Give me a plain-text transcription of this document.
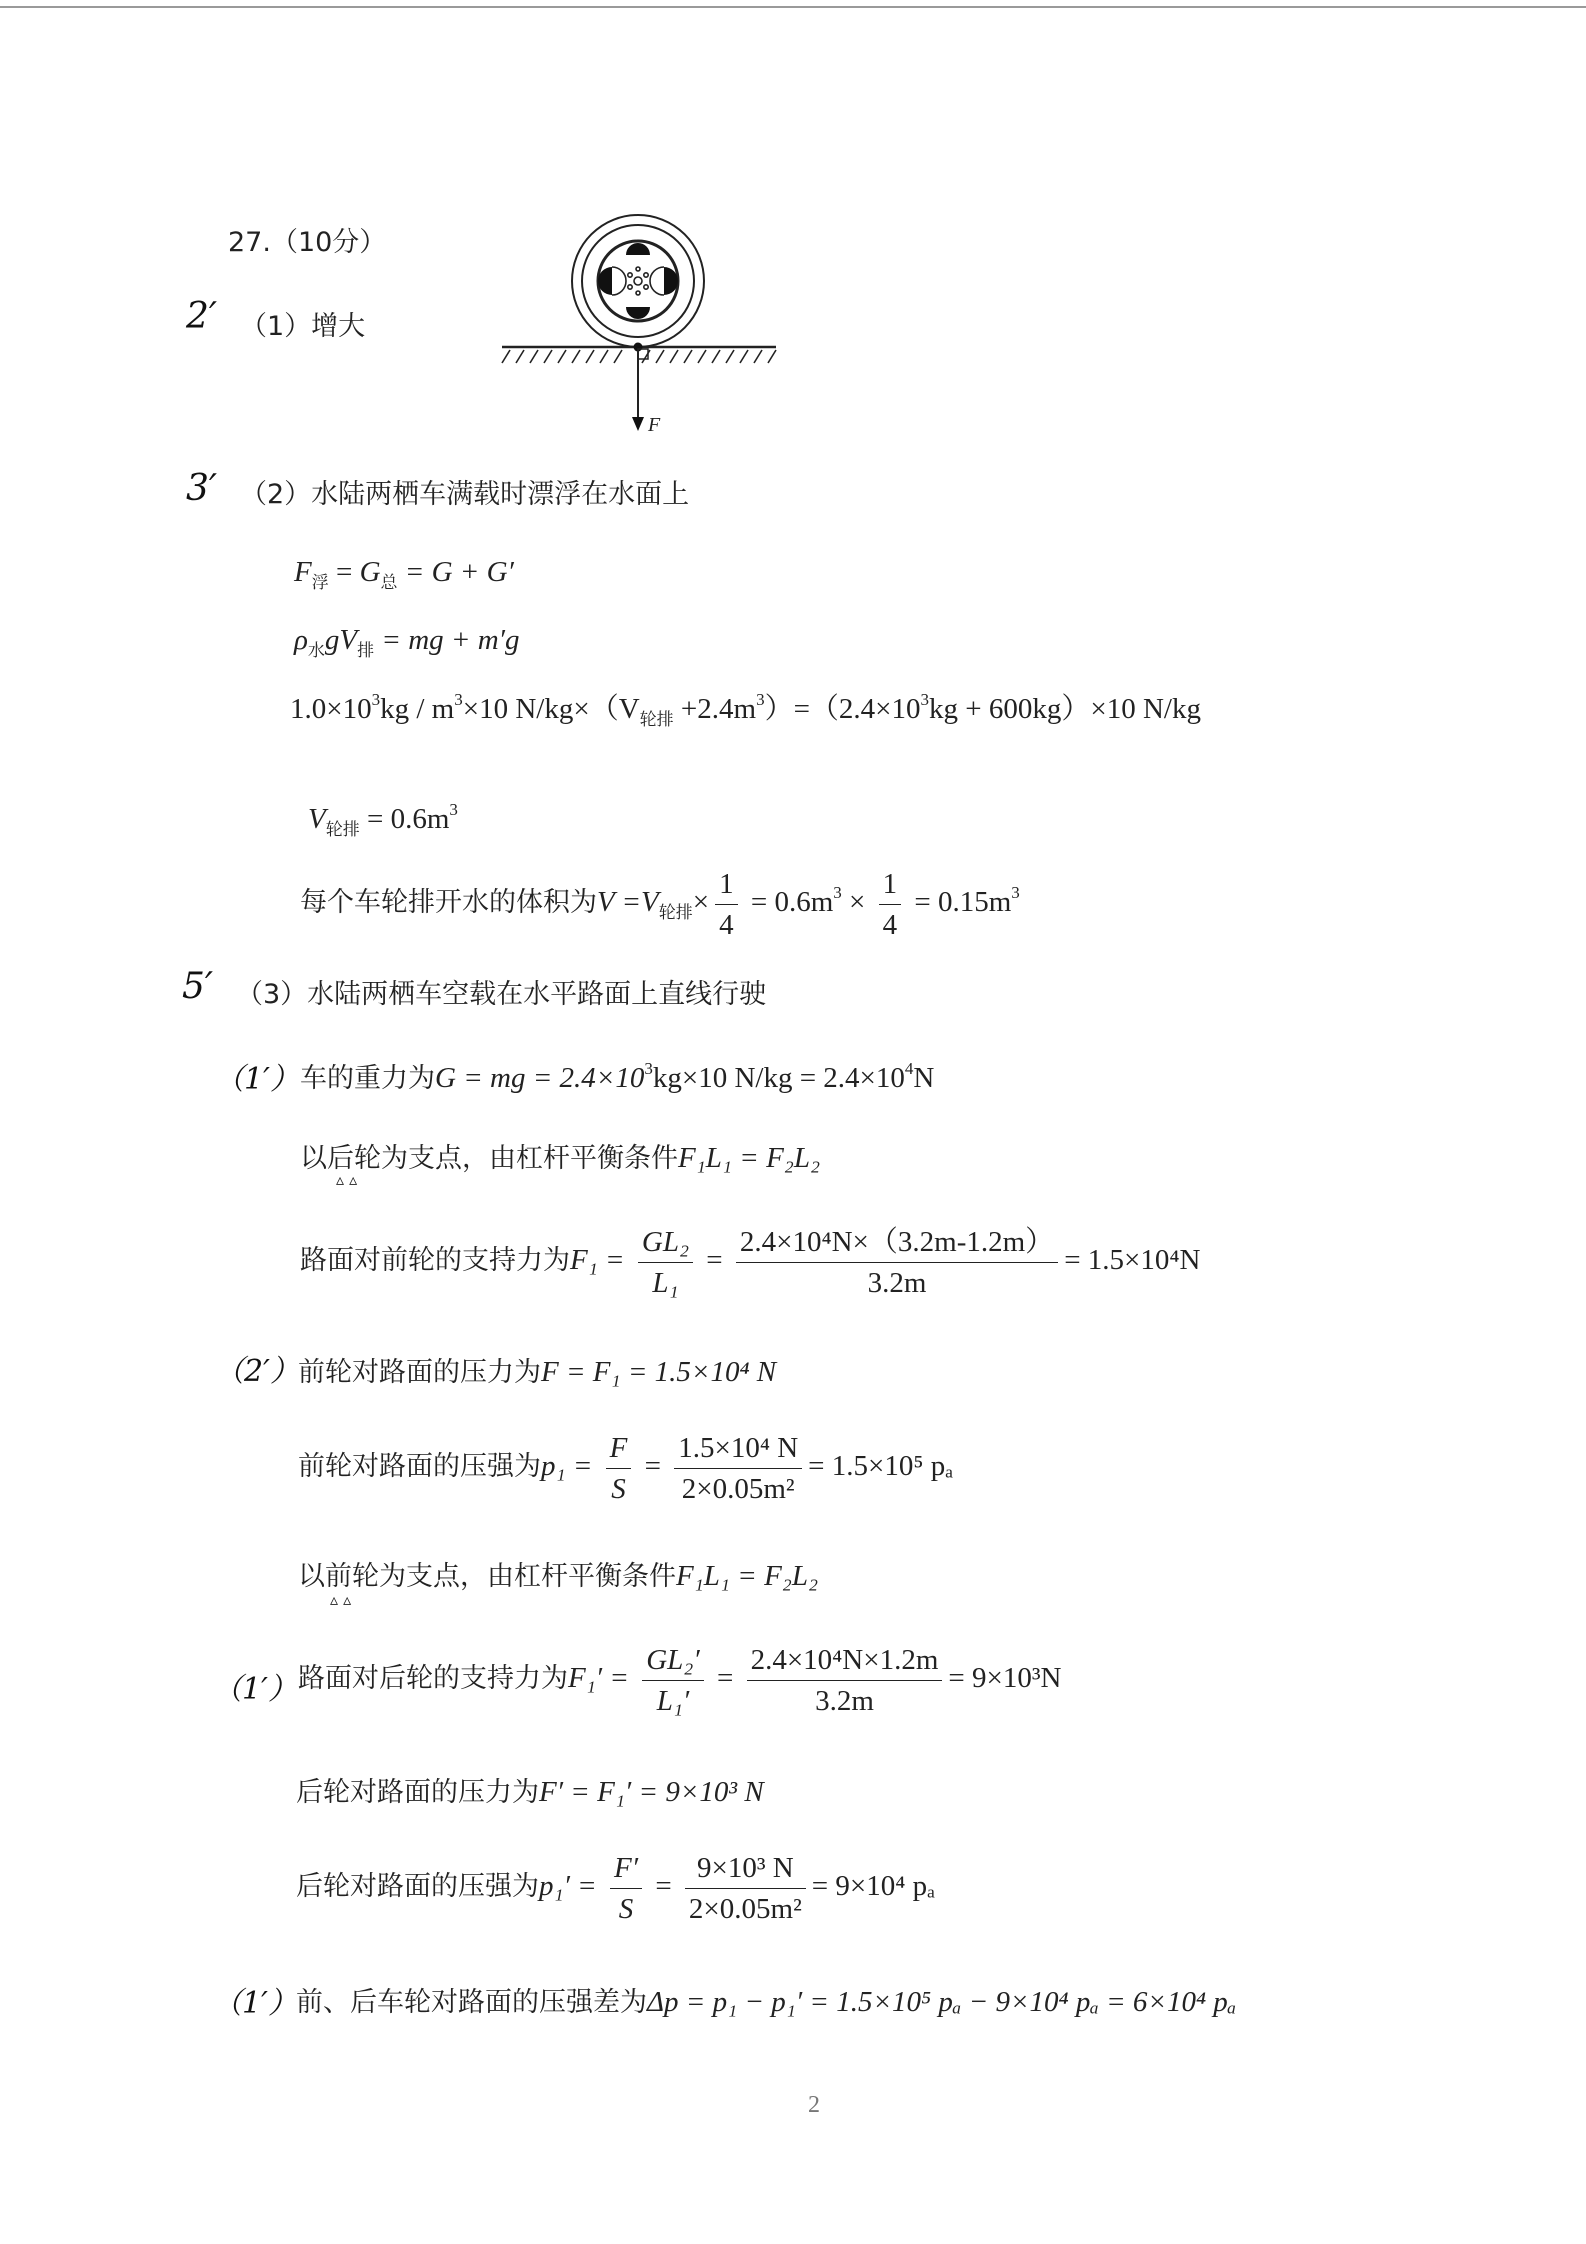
27.（10分）
F
2′ （1）增大
3′ （2）水陆两栖车满载时漂浮在水面上
$F_浮 = G_总 = G + G'$
$\rho_水gV_排$ = mg + m′g
$1.0\times 10^3kg / m^3\times 10$ $N/kg\times(V_{轮排} +2.4m^3)=(2.4\times 10^3kg + 600kg)\times 10$ N/kg
$V_{轮排} = 0.6m^3$
每个车轮排开水的体积为$V =V_{轮排}\times \frac{1}{4} = 0.6m^3 \times \frac{1}{4} = 0.15m^3$
5′ （3）水陆两栖车空载在水平路面上直线行驶
（1′） 车的重力为G = mg = $2.4\times 10^3kg\times 10$ $N/kg = 2.4\times 10^4N$
以后轮为支点，由杠杆平衡条件F₁L₁ = F₂L₂
▵ ▵
路面对前轮的支持力为$F_1 = \frac{\text{GL₂}}{\text{L₁}} = \frac{\text{2.4×10⁴N×（3.2m-1.2m）}}{3.2m} = 1.5\times 10^4N$
（2′）
前轮对路面的压力为F = F₁ = 1.5×10⁴ N
前轮对路面的压强为$p_1 = \frac{F}{S} = \frac{\text{1.5×10⁴ N}}{\text{2×0.05m²}} = 1.5\times 10^5$ pₐ
以前轮为支点，由杠杆平衡条件F₁L₁ = F₂L₂
▵ ▵
（1′） 路面对后轮的支持力为$F_1' = \frac{\text{GL₂′}}{\text{L₁′}} = \frac{\text{2.4×10⁴N×1.2m}}{3.2m} = 9\times 10^3N$
后轮对路面的压力为F′ = F₁′ = 9×10³ N
后轮对路面的压强为$p_1' = \frac{F'}{S} = \frac{\text{9×10³ N}}{\text{2×0.05m²}} = 9\times 10^4$ pₐ
（1′）
前、后车轮对路面的压强差为Δp = p₁ − p₁′ = 1.5×10⁵ pₐ − 9×10⁴ pₐ = 6×10⁴ pₐ
2
